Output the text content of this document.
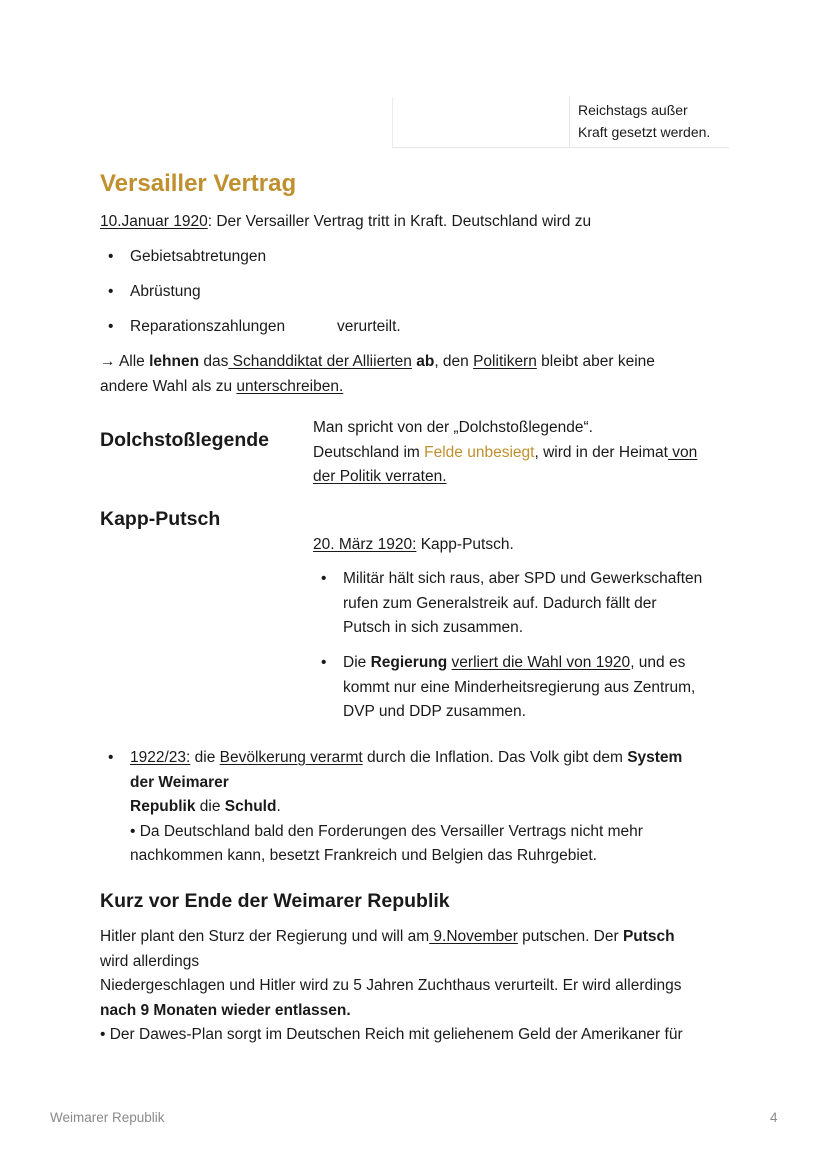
Reichstags außer
Kraft gesetzt werden.
Versailler Vertrag
10.Januar 1920: Der Versailler Vertrag tritt in Kraft. Deutschland wird zu
• Gebietsabtretungen
• Abrüstung
• Reparationszahlungen	verurteilt.
→ Alle lehnen das Schanddiktat der Alliierten ab, den Politikern bleibt aber keine
andere Wahl als zu unterschreiben.
Dolchstoßlegende
Man spricht von der „Dolchstoßlegende“.
Deutschland im Felde unbesiegt, wird in der Heimat von
der Politik verraten.
Kapp-Putsch
20. März 1920: Kapp-Putsch.
• Militär hält sich raus, aber SPD und Gewerkschaften
rufen zum Generalstreik auf. Dadurch fällt der
Putsch in sich zusammen.
• Die Regierung verliert die Wahl von 1920, und es
kommt nur eine Minderheitsregierung aus Zentrum,
DVP und DDP zusammen.
• 1922/23: die Bevölkerung verarmt durch die Inflation. Das Volk gibt dem System
der Weimarer
Republik die Schuld.
• Da Deutschland bald den Forderungen des Versailler Vertrags nicht mehr
nachkommen kann, besetzt Frankreich und Belgien das Ruhrgebiet.
Kurz vor Ende der Weimarer Republik
Hitler plant den Sturz der Regierung und will am 9.November putschen. Der Putsch
wird allerdings
Niedergeschlagen und Hitler wird zu 5 Jahren Zuchthaus verurteilt. Er wird allerdings
nach 9 Monaten wieder entlassen.
• Der Dawes-Plan sorgt im Deutschen Reich mit geliehenem Geld der Amerikaner für
Weimarer Republik	4
